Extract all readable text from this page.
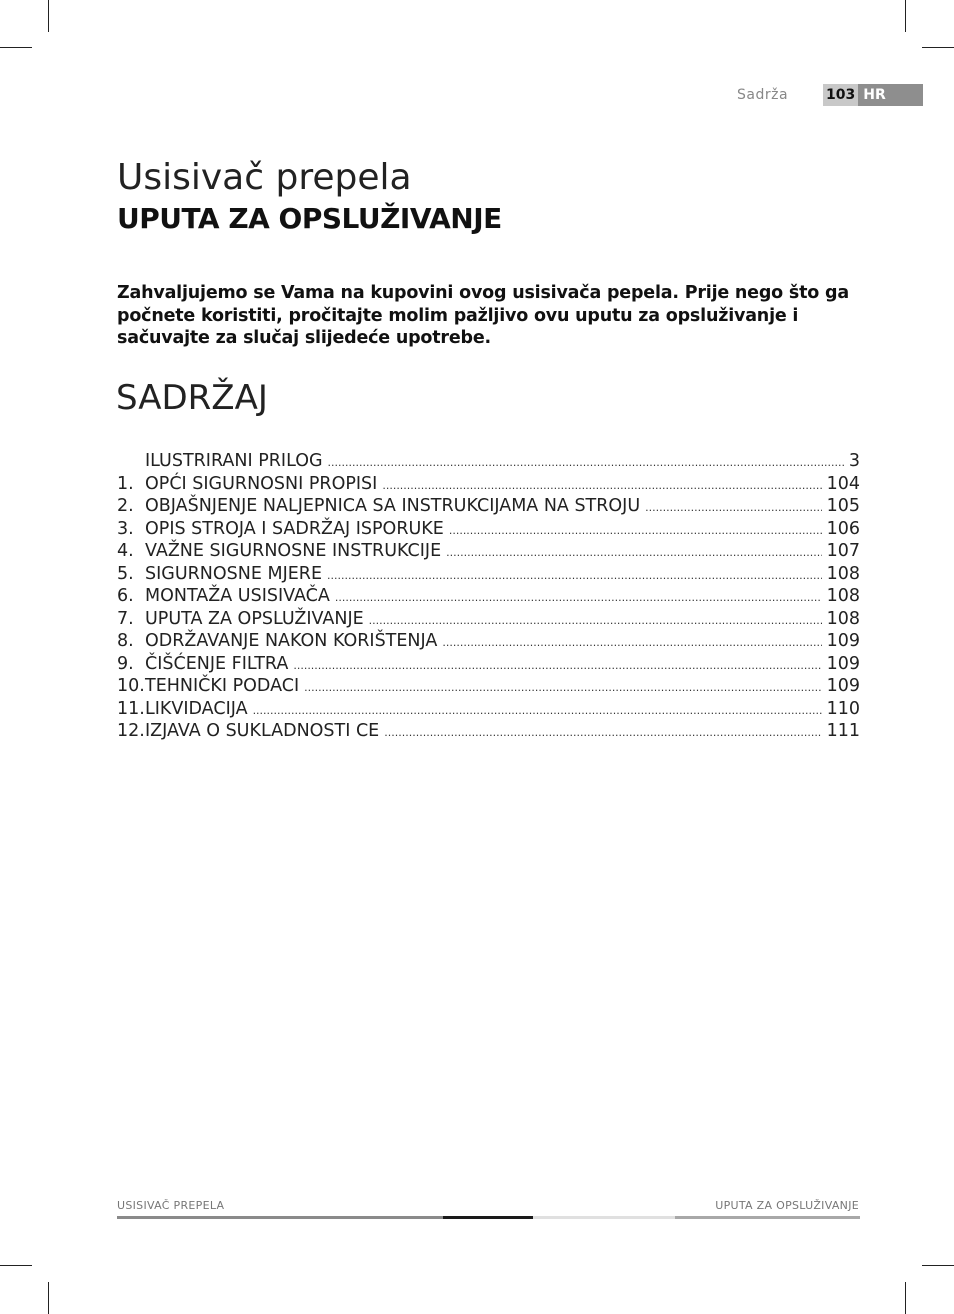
Sadrža	103 HR
Usisivač prepela
UPUTA ZA OPSLUŽIVANJE

Zahvaljujemo se Vama na kupovini ovog usisivača pepela. Prije nego što ga počnete koristiti, pročitajte molim pažljivo ovu uputu za opsluživanje i sačuvajte za slučaj slijedeće upotrebe.

SADRŽAJ
ILUSTRIRANI PRILOG .....	3
1. OPĆI SIGURNOSNI PROPISI .....	104
2. OBJAŠNJENJE NALJEPNICA SA INSTRUKCIJAMA NA STROJU .....	105
3. OPIS STROJA I SADRŽAJ ISPORUKE .....	106
4. VAŽNE SIGURNOSNE INSTRUKCIJE .....	107
5. SIGURNOSNE MJERE .....	108
6. MONTAŽA USISIVAČA .....	108
7. UPUTA ZA OPSLUŽIVANJE .....	108
8. ODRŽAVANJE NAKON KORIŠTENJA .....	109
9. ČIŠĆENJE FILTRA .....	109
10. TEHNIČKI PODACI .....	109
11. LIKVIDACIJA .....	110
12. IZJAVA O SUKLADNOSTI CE .....	111
USISIVAČ PREPELA	UPUTA ZA OPSLUŽIVANJE
